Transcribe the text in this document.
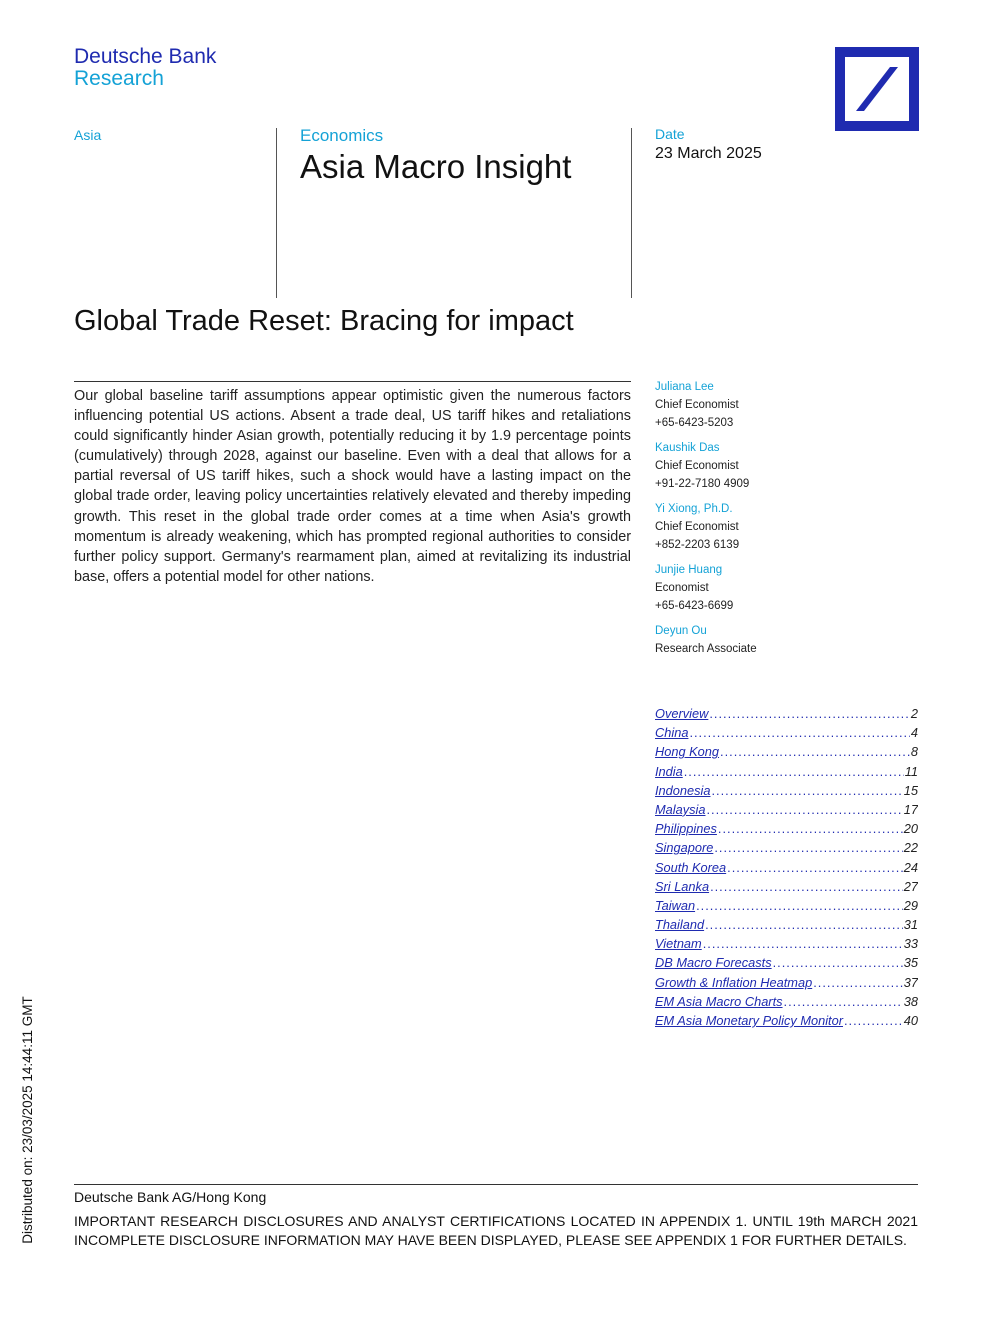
Deutsche Bank
Research
Asia	Economics
Asia Macro Insight
Date
23 March 2025
Global Trade Reset: Bracing for impact

Our global baseline tariff assumptions appear optimistic given the numerous factors influencing potential US actions. Absent a trade deal, US tariff hikes and retaliations could significantly hinder Asian growth, potentially reducing it by 1.9 percentage points (cumulatively) through 2028, against our baseline. Even with a deal that allows for a partial reversal of US tariff hikes, such a shock would have a lasting impact on the global trade order, leaving policy uncertainties relatively elevated and thereby impeding growth. This reset in the global trade order comes at a time when Asia's growth momentum is already weakening, which has prompted regional authorities to consider further policy support. Germany's rearmament plan, aimed at revitalizing its industrial base, offers a potential model for other nations.

Juliana Lee
Chief Economist
+65-6423-5203
Kaushik Das
Chief Economist
+91-22-7180 4909
Yi Xiong, Ph.D.
Chief Economist
+852-2203 6139
Junjie Huang
Economist
+65-6423-6699
Deyun Ou
Research Associate
Overview .....	2
China .....	4
Hong Kong .....	8
India .....	11
Indonesia .....	15
Malaysia .....	17
Philippines .....	20
Singapore .....	22
South Korea .....	24
Sri Lanka .....	27
Taiwan .....	29
Thailand .....	31
Vietnam .....	33
DB Macro Forecasts .....	35
Growth & Inflation Heatmap .....	37
EM Asia Macro Charts .....	38
EM Asia Monetary Policy Monitor .....	40
Deutsche Bank AG/Hong Kong

IMPORTANT RESEARCH DISCLOSURES AND ANALYST CERTIFICATIONS LOCATED IN APPENDIX 1. UNTIL 19th MARCH 2021 INCOMPLETE DISCLOSURE INFORMATION MAY HAVE BEEN DISPLAYED, PLEASE SEE APPENDIX 1 FOR FURTHER DETAILS.

Distributed on: 23/03/2025 14:44:11 GMT
